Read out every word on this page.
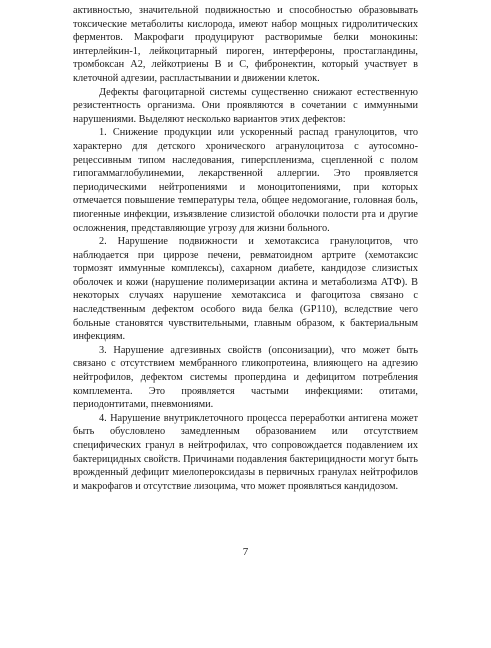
активностью, значительной подвижностью и способностью образовывать токсические метаболиты кислорода, имеют набор мощных гидролитических ферментов. Макрофаги продуцируют растворимые белки монокины: интерлейкин-1, лейкоцитарный пироген, интерфероны, простагландины, тромбоксан А2, лейкотриены В и С, фибронектин, который участвует в клеточной адгезии, распластывании и движении клеток.

Дефекты фагоцитарной системы существенно снижают естественную резистентность организма. Они проявляются в сочетании с иммунными нарушениями. Выделяют несколько вариантов этих дефектов:

1. Снижение продукции или ускоренный распад гранулоцитов, что характерно для детского хронического агранулоцитоза с аутосомно-рецессивным типом наследования, гиперспленизма, сцепленной с полом гипогаммаглобулинемии, лекарственной аллергии. Это проявляется периодическими нейтропениями и моноцитопениями, при которых отмечается повышение температуры тела, общее недомогание, головная боль, пиогенные инфекции, изъязвление слизистой оболочки полости рта и другие осложнения, представляющие угрозу для жизни больного.

2. Нарушение подвижности и хемотаксиса гранулоцитов, что наблюдается при циррозе печени, ревматоидном артрите (хемотаксис тормозят иммунные комплексы), сахарном диабете, кандидозе слизистых оболочек и кожи (нарушение полимеризации актина и метаболизма АТФ). В некоторых случаях нарушение хемотаксиса и фагоцитоза связано с наследственным дефектом особого вида белка (GP110), вследствие чего больные становятся чувствительными, главным образом, к бактериальным инфекциям.

3. Нарушение адгезивных свойств (опсонизации), что может быть связано с отсутствием мембранного гликопротеина, влияющего на адгезию нейтрофилов, дефектом системы пропердина и дефицитом потребления комплемента. Это проявляется частыми инфекциями: отитами, периодонтитами, пневмониями.

4. Нарушение внутриклеточного процесса переработки антигена может быть обусловлено замедленным образованием или отсутствием специфических гранул в нейтрофилах, что сопровождается подавлением их бактерицидных свойств. Причинами подавления бактерицидности могут быть врожденный дефицит миелопероксидазы в первичных гранулах нейтрофилов и макрофагов и отсутствие лизоцима, что может проявляться кандидозом.

7
